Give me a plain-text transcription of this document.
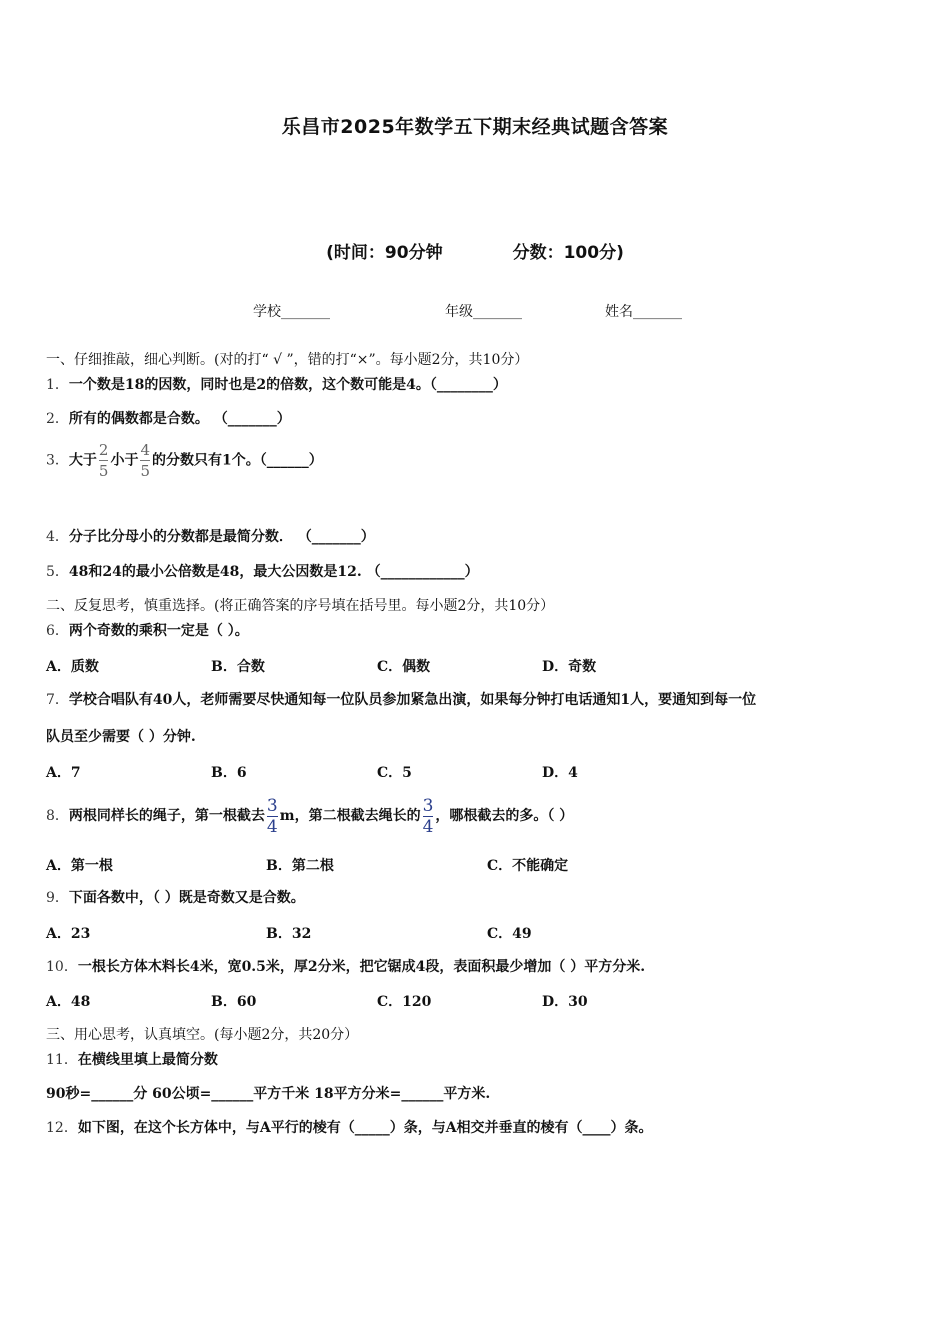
乐昌市2025年数学五下期末经典试题含答案
(时间：90分钟	分数：100分)
学校_______	年级_______	姓名_______
一、仔细推敲，细心判断。(对的打“ √ ”，错的打“×”。每小题2分，共10分）
1．一个数是18的因数，同时也是2的倍数，这个数可能是4。（________）
2．所有的偶数都是合数。 （_______）
3．大于 $\frac{2}{5}$ 小于 $\frac{4}{5}$ 的分数只有1个。（______）
4．分子比分母小的分数都是最简分数． （_______）
5．48和24的最小公倍数是48，最大公因数是12. （____________）
二、反复思考，慎重选择。(将正确答案的序号填在括号里。每小题2分，共10分）
6．两个奇数的乘积一定是（ ）。
A．质数	B．合数	C．偶数	D．奇数
7．学校合唱队有40人，老师需要尽快通知每一位队员参加紧急出演，如果每分钟打电话通知1人，要通知到每一位
队员至少需要（ ）分钟.
A．7	B．6	C．5	D．4
8．两根同样长的绳子，第一根截去 $\frac{3}{4}$ m，第二根截去绳长的 $\frac{3}{4}$ ，哪根截去的多。（ ）
A．第一根	B．第二根	C．不能确定
9．下面各数中，（ ）既是奇数又是合数。
A．23	B．32	C．49
10．一根长方体木料长4米，宽0.5米，厚2分米，把它锯成4段，表面积最少增加（ ）平方分米.
A．48	B．60	C．120	D．30
三、用心思考，认真填空。(每小题2分，共20分）
11．在横线里填上最简分数
90秒=______分 60公顷=______平方千米 18平方分米=______平方米.
12．如下图，在这个长方体中，与A平行的棱有（_____）条，与A相交并垂直的棱有（____）条。
